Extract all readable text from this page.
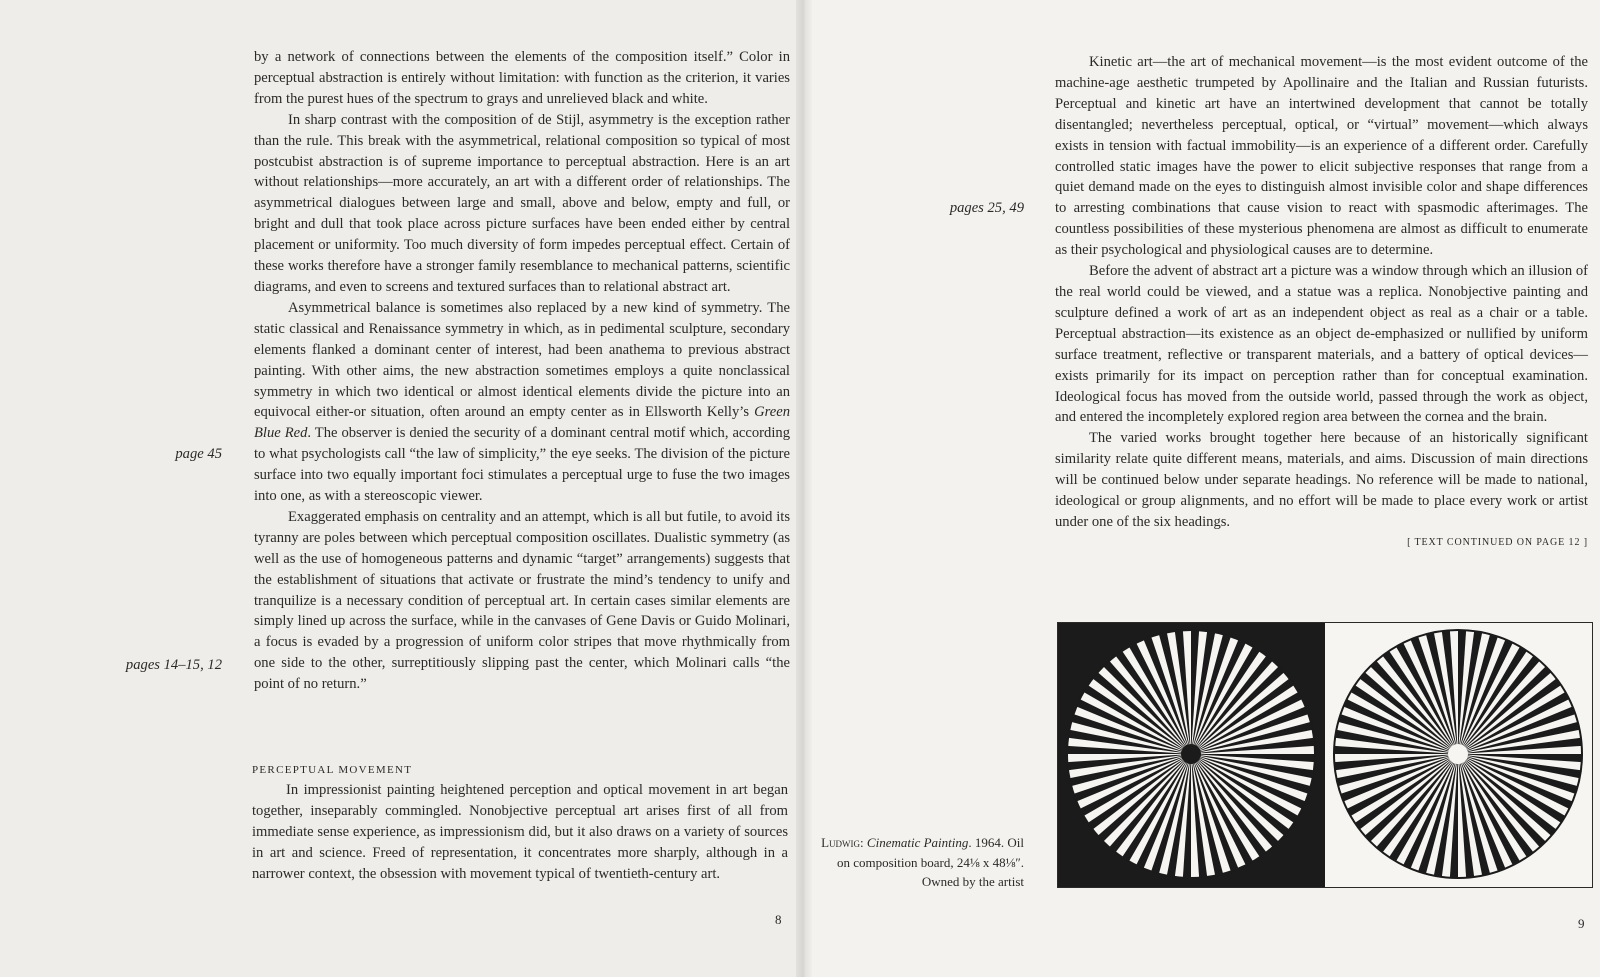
by a network of connections between the elements of the composition itself.” Color in perceptual abstraction is entirely without limitation: with function as the criterion, it varies from the purest hues of the spectrum to grays and unrelieved black and white.

In sharp contrast with the composition of de Stijl, asymmetry is the exception rather than the rule. This break with the asymmetrical, relational composition so typical of most postcubist abstraction is of supreme importance to perceptual abstraction. Here is an art without relationships—more accurately, an art with a different order of relationships. The asymmetrical dialogues between large and small, above and below, empty and full, or bright and dull that took place across picture surfaces have been ended either by central placement or uniformity. Too much diversity of form impedes perceptual effect. Certain of these works therefore have a stronger family resemblance to mechanical patterns, scientific diagrams, and even to screens and textured surfaces than to relational abstract art.

Asymmetrical balance is sometimes also replaced by a new kind of symmetry. The static classical and Renaissance symmetry in which, as in pedimental sculpture, secondary elements flanked a dominant center of interest, had been anathema to previous abstract painting. With other aims, the new abstraction sometimes employs a quite nonclassical symmetry in which two identical or almost identical elements divide the picture into an equivocal either-or situation, often around an empty center as in Ellsworth Kelly’s Green Blue Red. The observer is denied the security of a dominant central motif which, according to what psychologists call “the law of simplicity,” the eye seeks. The division of the picture surface into two equally important foci stimulates a perceptual urge to fuse the two images into one, as with a stereoscopic viewer.

Exaggerated emphasis on centrality and an attempt, which is all but futile, to avoid its tyranny are poles between which perceptual composition oscillates. Dualistic symmetry (as well as the use of homogeneous patterns and dynamic “target” arrangements) suggests that the establishment of situations that activate or frustrate the mind’s tendency to unify and tranquilize is a necessary condition of perceptual art. In certain cases similar elements are simply lined up across the surface, while in the canvases of Gene Davis or Guido Molinari, a focus is evaded by a progression of uniform color stripes that move rhythmically from one side to the other, surreptitiously slipping past the center, which Molinari calls “the point of no return.”

page 45
pages 14–15, 12
PERCEPTUAL MOVEMENT

In impressionist painting heightened perception and optical movement in art began together, inseparably commingled. Nonobjective perceptual art arises first of all from immediate sense experience, as impressionism did, but it also draws on a variety of sources in art and science. Freed of representation, it concentrates more sharply, although in a narrower context, the obsession with movement typical of twentieth-century art.

8

Kinetic art—the art of mechanical movement—is the most evident outcome of the machine-age aesthetic trumpeted by Apollinaire and the Italian and Russian futurists. Perceptual and kinetic art have an intertwined development that cannot be totally disentangled; nevertheless perceptual, optical, or “virtual” movement—which always exists in tension with factual immobility—is an experience of a different order. Carefully controlled static images have the power to elicit subjective responses that range from a quiet demand made on the eyes to distinguish almost invisible color and shape differences to arresting combinations that cause vision to react with spasmodic afterimages. The countless possibilities of these mysterious phenomena are almost as difficult to enumerate as their psychological and physiological causes are to determine.

Before the advent of abstract art a picture was a window through which an illusion of the real world could be viewed, and a statue was a replica. Nonobjective painting and sculpture defined a work of art as an independent object as real as a chair or a table. Perceptual abstraction—its existence as an object de-emphasized or nullified by uniform surface treatment, reflective or transparent materials, and a battery of optical devices—exists primarily for its impact on perception rather than for conceptual examination. Ideological focus has moved from the outside world, passed through the work as object, and entered the incompletely explored region area between the cornea and the brain.

The varied works brought together here because of an historically significant similarity relate quite different means, materials, and aims. Discussion of main directions will be continued below under separate headings. No reference will be made to national, ideological or group alignments, and no effort will be made to place every work or artist under one of the six headings.

pages 25, 49
[ TEXT CONTINUED ON PAGE 12 ]
Ludwig: Cinematic Painting. 1964. Oil
on composition board, 24⅛ x 48⅛″.
Owned by the artist
9
